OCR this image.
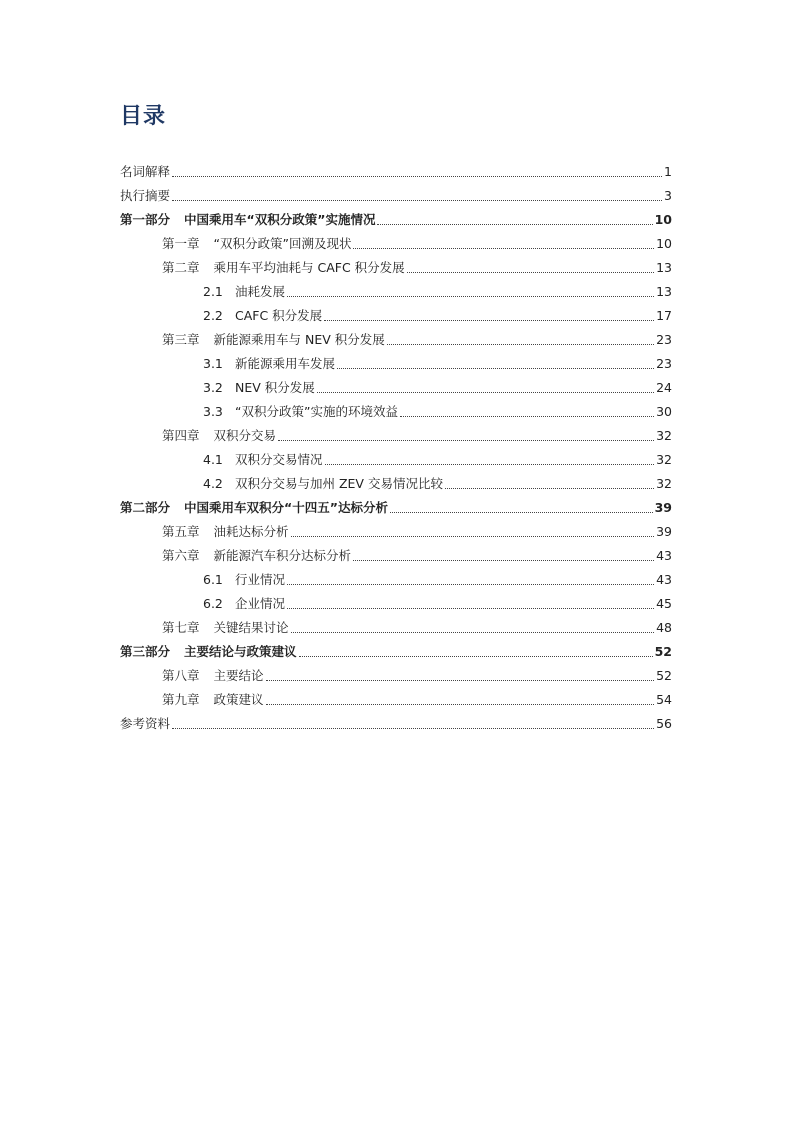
目录
名词解释	1
执行摘要	3
第一部分 中国乘用车“双积分政策”实施情况	10
第一章 “双积分政策”回溯及现状	10
第二章 乘用车平均油耗与 CAFC 积分发展	13
2.1 油耗发展	13
2.2 CAFC 积分发展	17
第三章 新能源乘用车与 NEV 积分发展	23
3.1 新能源乘用车发展	23
3.2 NEV 积分发展	24
3.3 “双积分政策”实施的环境效益	30
第四章 双积分交易	32
4.1 双积分交易情况	32
4.2 双积分交易与加州 ZEV 交易情况比较	32
第二部分 中国乘用车双积分“十四五”达标分析	39
第五章 油耗达标分析	39
第六章 新能源汽车积分达标分析	43
6.1 行业情况	43
6.2 企业情况	45
第七章 关键结果讨论	48
第三部分 主要结论与政策建议	52
第八章 主要结论	52
第九章 政策建议	54
参考资料	56
